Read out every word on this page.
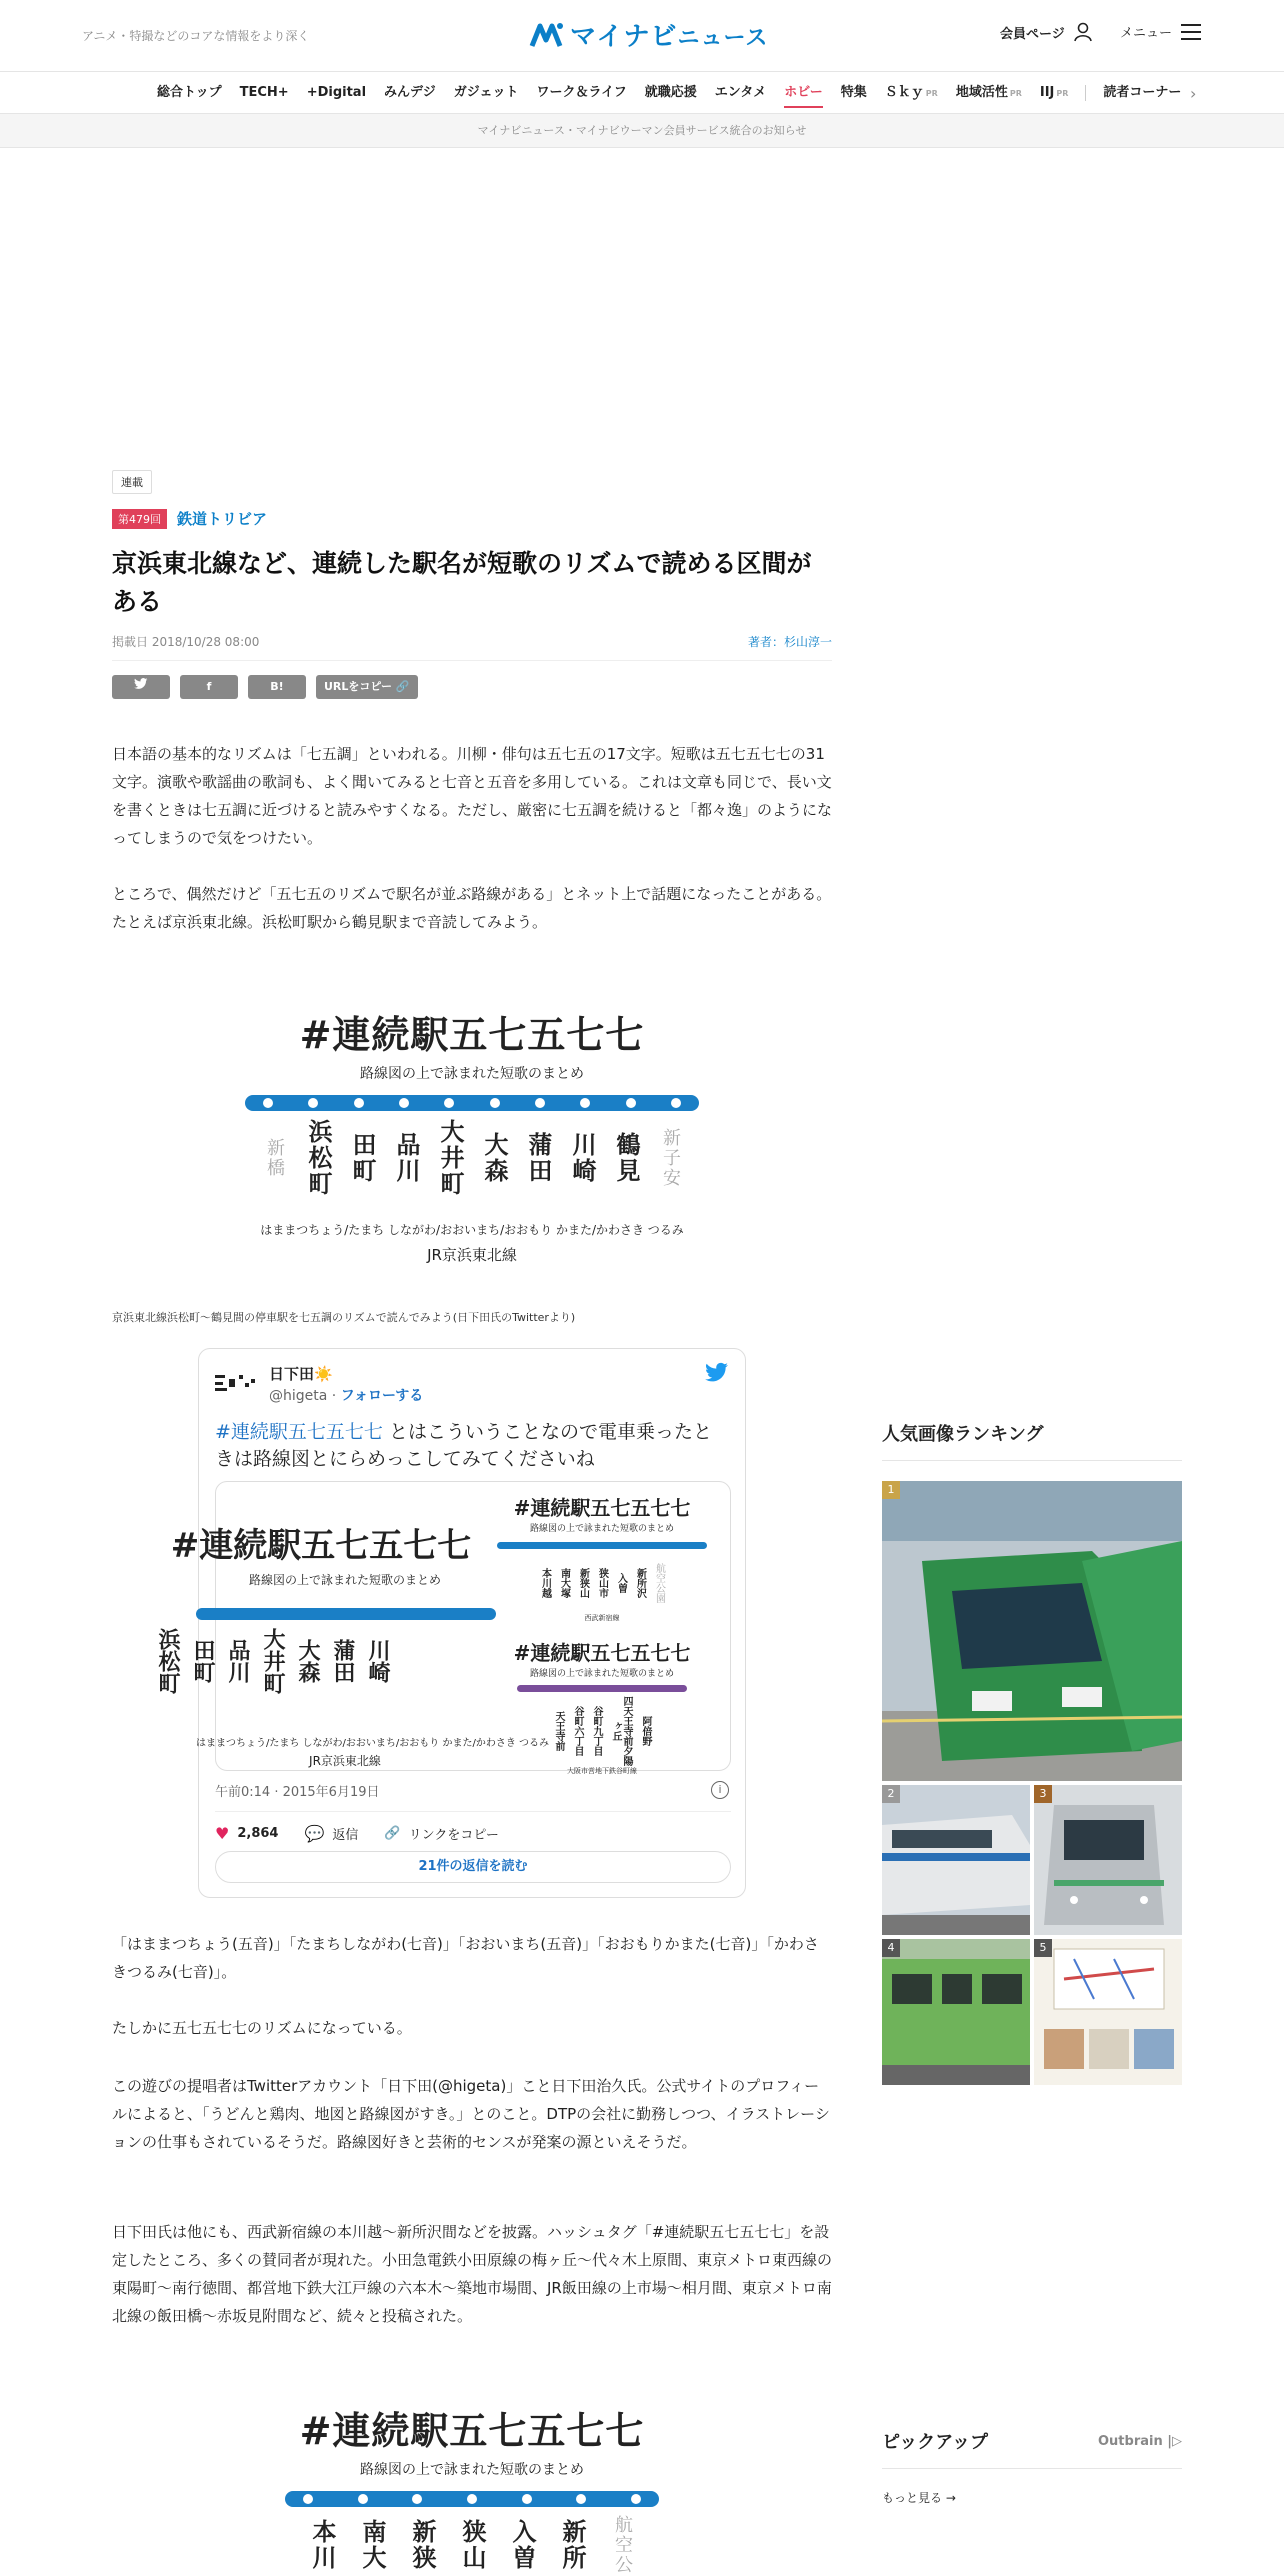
アニメ・特撮などのコアな情報をより深く	マイナビニュース	会員ページ	メニュー
総合トップ	TECH+	+Digital	みんデジ	ガジェット	ワーク＆ライフ	就職応援	エンタメ	ホビー	特集	Ｓｋｙ PR	地域活性 PR	IIJ PR	読者コーナー ›
マイナビニュース・マイナビウーマン会員サービス統合のお知らせ
連載
第479回	鉄道トリビア
京浜東北線など、連続した駅名が短歌のリズムで読める区間がある
掲載日 2018/10/28 08:00	著者：杉山淳一
f	B!	URLをコピー 🔗

日本語の基本的なリズムは「七五調」といわれる。川柳・俳句は五七五の17文字。短歌は五七五七七の31文字。演歌や歌謡曲の歌詞も、よく聞いてみると七音と五音を多用している。これは文章も同じで、長い文を書くときは七五調に近づけると読みやすくなる。ただし、厳密に七五調を続けると「都々逸」のようになってしまうので気をつけたい。

ところで、偶然だけど「五七五のリズムで駅名が並ぶ路線がある」とネット上で話題になったことがある。たとえば京浜東北線。浜松町駅から鶴見駅まで音読してみよう。

#連続駅五七五七七
路線図の上で詠まれた短歌のまとめ
新橋 浜松町 田町 品川 大井町 大森 蒲田 川崎 鶴見 新子安
はままつちょう/たまち しながわ/おおいまち/おおもり かまた/かわさき つるみ
JR京浜東北線
京浜東北線浜松町～鶴見間の停車駅を七五調のリズムで読んでみよう(日下田氏のTwitterより)
日下田☀️
@higeta · フォローする
#連続駅五七五七七 とはこういうことなので電車乗ったときは路線図とにらめっこしてみてくださいね
#連続駅五七五七七
路線図の上で詠まれた短歌のまとめ
浜松町 田町 品川 大井町 大森 蒲田 川崎
はままつちょう/たまち しながわ/おおいまち/おおもり かまた/かわさき つるみ
JR京浜東北線
#連続駅五七五七七
路線図の上で詠まれた短歌のまとめ
本川越 南大塚 新狭山 狭山市 入曽 新所沢 航空公園
西武新宿線
#連続駅五七五七七
路線図の上で詠まれた短歌のまとめ
天王寺前 谷町六丁目 谷町九丁目	四天王寺前夕陽ヶ丘	阿倍野
大阪市営地下鉄谷町線
午前0:14 · 2015年6月19日	i
♥ 2,864 💬 返信 🔗 リンクをコピー
21件の返信を読む

「はままつちょう(五音)」「たまちしながわ(七音)」「おおいまち(五音)」「おおもりかまた(七音)」「かわさきつるみ(七音)」。

たしかに五七五七七のリズムになっている。

この遊びの提唱者はTwitterアカウント「日下田(@higeta)」こと日下田治久氏。公式サイトのプロフィールによると、「うどんと鶏肉、地図と路線図がすき。」とのこと。DTPの会社に勤務しつつ、イラストレーションの仕事もされているそうだ。路線図好きと芸術的センスが発案の源といえそうだ。

日下田氏は他にも、西武新宿線の本川越～新所沢間などを披露。ハッシュタグ「#連続駅五七五七七」を設定したところ、多くの賛同者が現れた。小田急電鉄小田原線の梅ヶ丘～代々木上原間、東京メトロ東西線の東陽町～南行徳間、都営地下鉄大江戸線の六本木～築地市場間、JR飯田線の上市場～相月間、東京メトロ南北線の飯田橋～赤坂見附間など、続々と投稿された。

#連続駅五七五七七
路線図の上で詠まれた短歌のまとめ
本川 南大 新狭 狭山 入曽 新所 航空公
人気画像ランキング
1
2	3
4	5
ピックアップ	Outbrain |▷
もっと見る →
